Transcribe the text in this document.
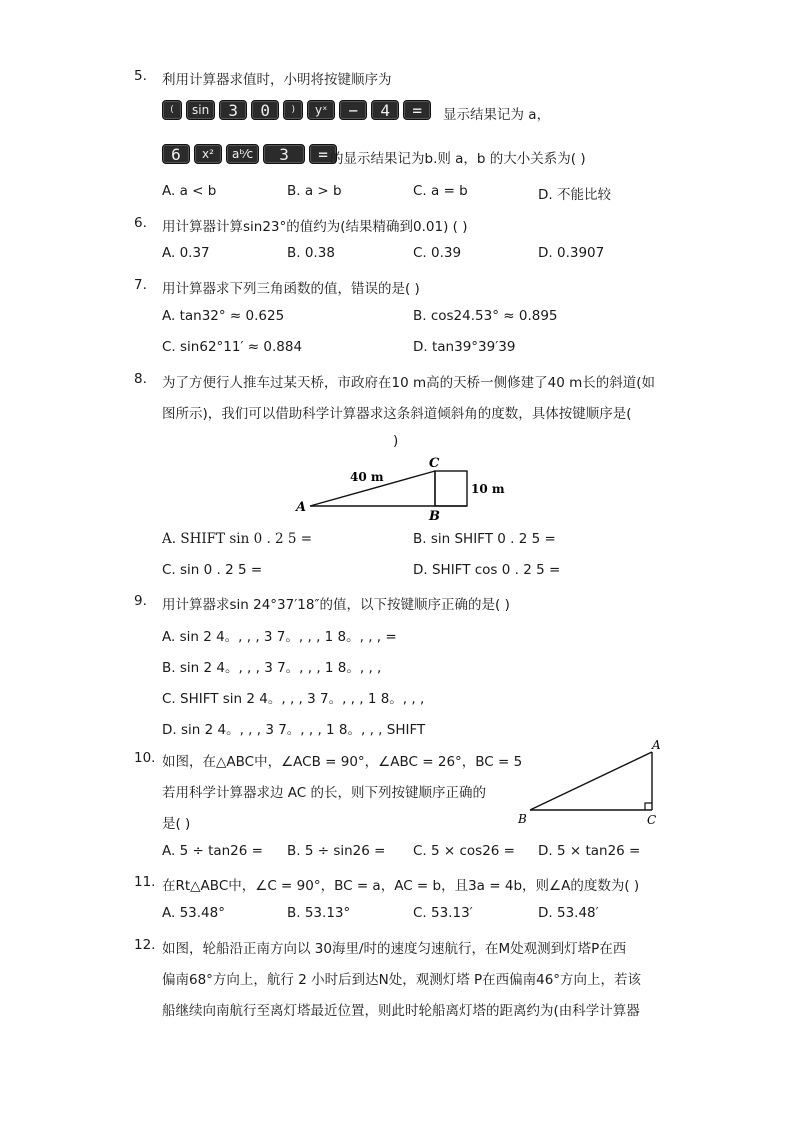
5. 利用计算器求值时，小明将按键顺序为
(	sin	3	0	)	yˣ	−	4	=	显示结果记为 a，
6	x²	aᵇ⁄c	3	= 的显示结果记为b.则 a，b 的大小关系为( )
A. a < b	B. a > b	C. a = b	D. 不能比较
6. 用计算器计算sin23°的值约为(结果精确到0.01) ( )
A. 0.37	B. 0.38	C. 0.39	D. 0.3907
7. 用计算器求下列三角函数的值，错误的是( )
A. tan32° ≈ 0.625	B. cos24.53° ≈ 0.895
C. sin62°11′ ≈ 0.884	D. tan39°39′39
8. 为了方便行人推车过某天桥，市政府在10 m高的天桥一侧修建了40 m长的斜道(如
图所示)，我们可以借助科学计算器求这条斜道倾斜角的度数，具体按键顺序是(
)
A
C
B
40 m
10 m
A. SHIFT sin 0 . 2 5 =	B. sin SHIFT 0 . 2 5 =
C. sin 0 . 2 5 =	D. SHIFT cos 0 . 2 5 =
9. 用计算器求sin 24°37′18″的值，以下按键顺序正确的是( )
A. sin 2 4。, , , 3 7。, , , 1 8。, , , =
B. sin 2 4。, , , 3 7。, , , 1 8。, , ,
C. SHIFT sin 2 4。, , , 3 7。, , , 1 8。, , ,
D. sin 2 4。, , , 3 7。, , , 1 8。, , , SHIFT
10. 如图，在△ABC中，∠ACB = 90°，∠ABC = 26°，BC = 5
若用科学计算器求边 AC 的长，则下列按键顺序正确的
是( )
A
B	C
A. 5 ÷ tan26 = B. 5 ÷ sin26 = C. 5 × cos26 = D. 5 × tan26 =
11. 在Rt△ABC中，∠C = 90°，BC = a，AC = b，且3a = 4b，则∠A的度数为( )
A. 53.48°	B. 53.13°	C. 53.13′	D. 53.48′
12. 如图，轮船沿正南方向以 30海里/时的速度匀速航行，在M处观测到灯塔P在西
偏南68°方向上，航行 2 小时后到达N处，观测灯塔 P在西偏南46°方向上，若该
船继续向南航行至离灯塔最近位置，则此时轮船离灯塔的距离约为(由科学计算器
